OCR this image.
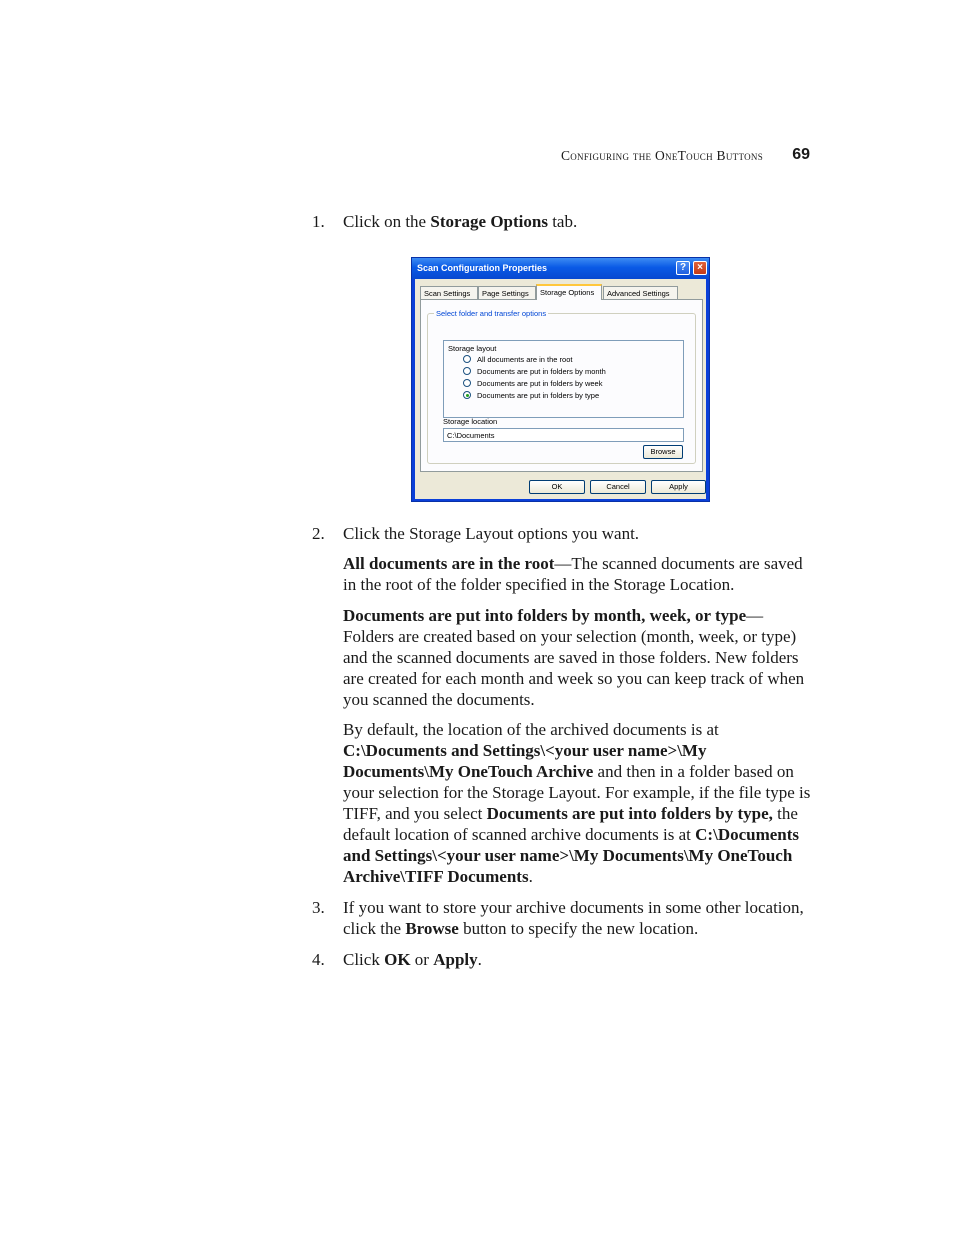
Configuring the OneTouch Buttons	69
1.	Click on the Storage Options tab.
Scan Configuration Properties	?	×
Scan Settings	Page Settings	Storage Options	Advanced Settings
Select folder and transfer options
Storage layout
All documents are in the root
Documents are put in folders by month
Documents are put in folders by week
Documents are put in folders by type
Storage location
C:\Documents
Browse
OK	Cancel	Apply
2.	Click the Storage Layout options you want.
All documents are in the root—The scanned documents are saved
in the root of the folder specified in the Storage Location.
Documents are put into folders by month, week, or type—
Folders are created based on your selection (month, week, or type)
and the scanned documents are saved in those folders. New folders
are created for each month and week so you can keep track of when
you scanned the documents.
By default, the location of the archived documents is at
C:\Documents and Settings\<your user name>\My
Documents\My OneTouch Archive and then in a folder based on
your selection for the Storage Layout. For example, if the file type is
TIFF, and you select Documents are put into folders by type, the
default location of scanned archive documents is at C:\Documents
and Settings\<your user name>\My Documents\My OneTouch
Archive\TIFF Documents.
3.	If you want to store your archive documents in some other location,
click the Browse button to specify the new location.
4.	Click OK or Apply.
